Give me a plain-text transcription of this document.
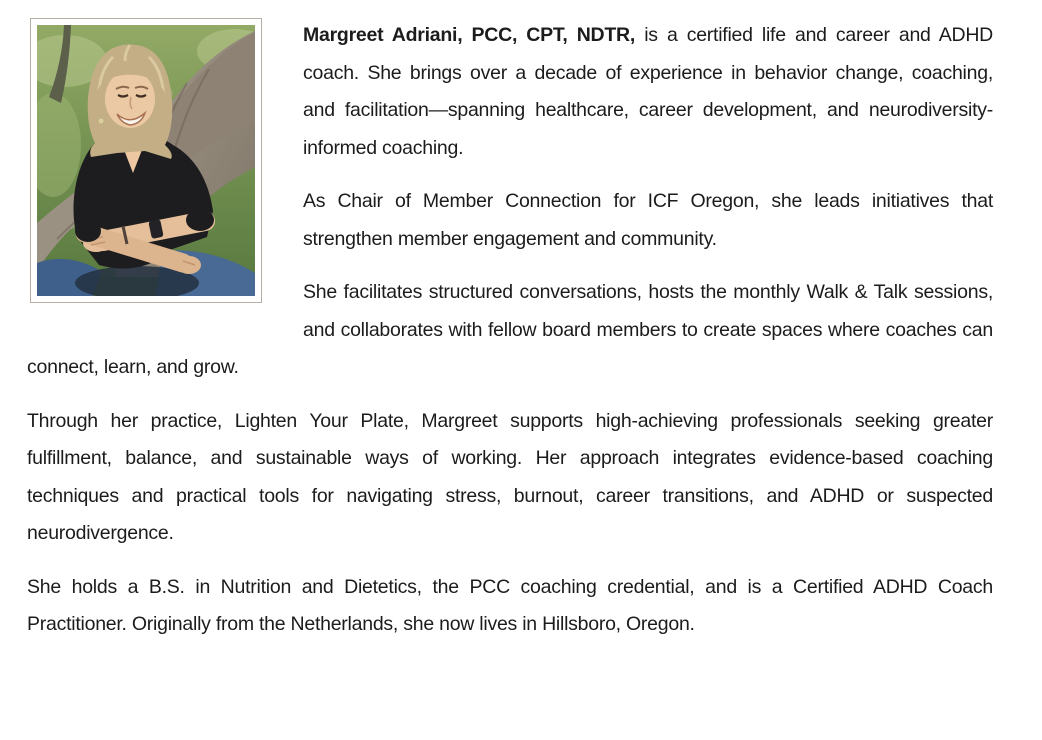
Margreet Adriani, PCC, CPT, NDTR, is a certified life and career and ADHD coach. She brings over a decade of experience in behavior change, coaching, and facilitation—spanning healthcare, career development, and neurodiversity-informed coaching.

As Chair of Member Connection for ICF Oregon, she leads initiatives that strengthen member engagement and community.

She facilitates structured conversations, hosts the monthly Walk & Talk sessions, and collaborates with fellow board members to create spaces where coaches can connect, learn, and grow.

Through her practice, Lighten Your Plate, Margreet supports high-achieving professionals seeking greater fulfillment, balance, and sustainable ways of working. Her approach integrates evidence-based coaching techniques and practical tools for navigating stress, burnout, career transitions, and ADHD or suspected neurodivergence.

She holds a B.S. in Nutrition and Dietetics, the PCC coaching credential, and is a Certified ADHD Coach Practitioner. Originally from the Netherlands, she now lives in Hillsboro, Oregon.
